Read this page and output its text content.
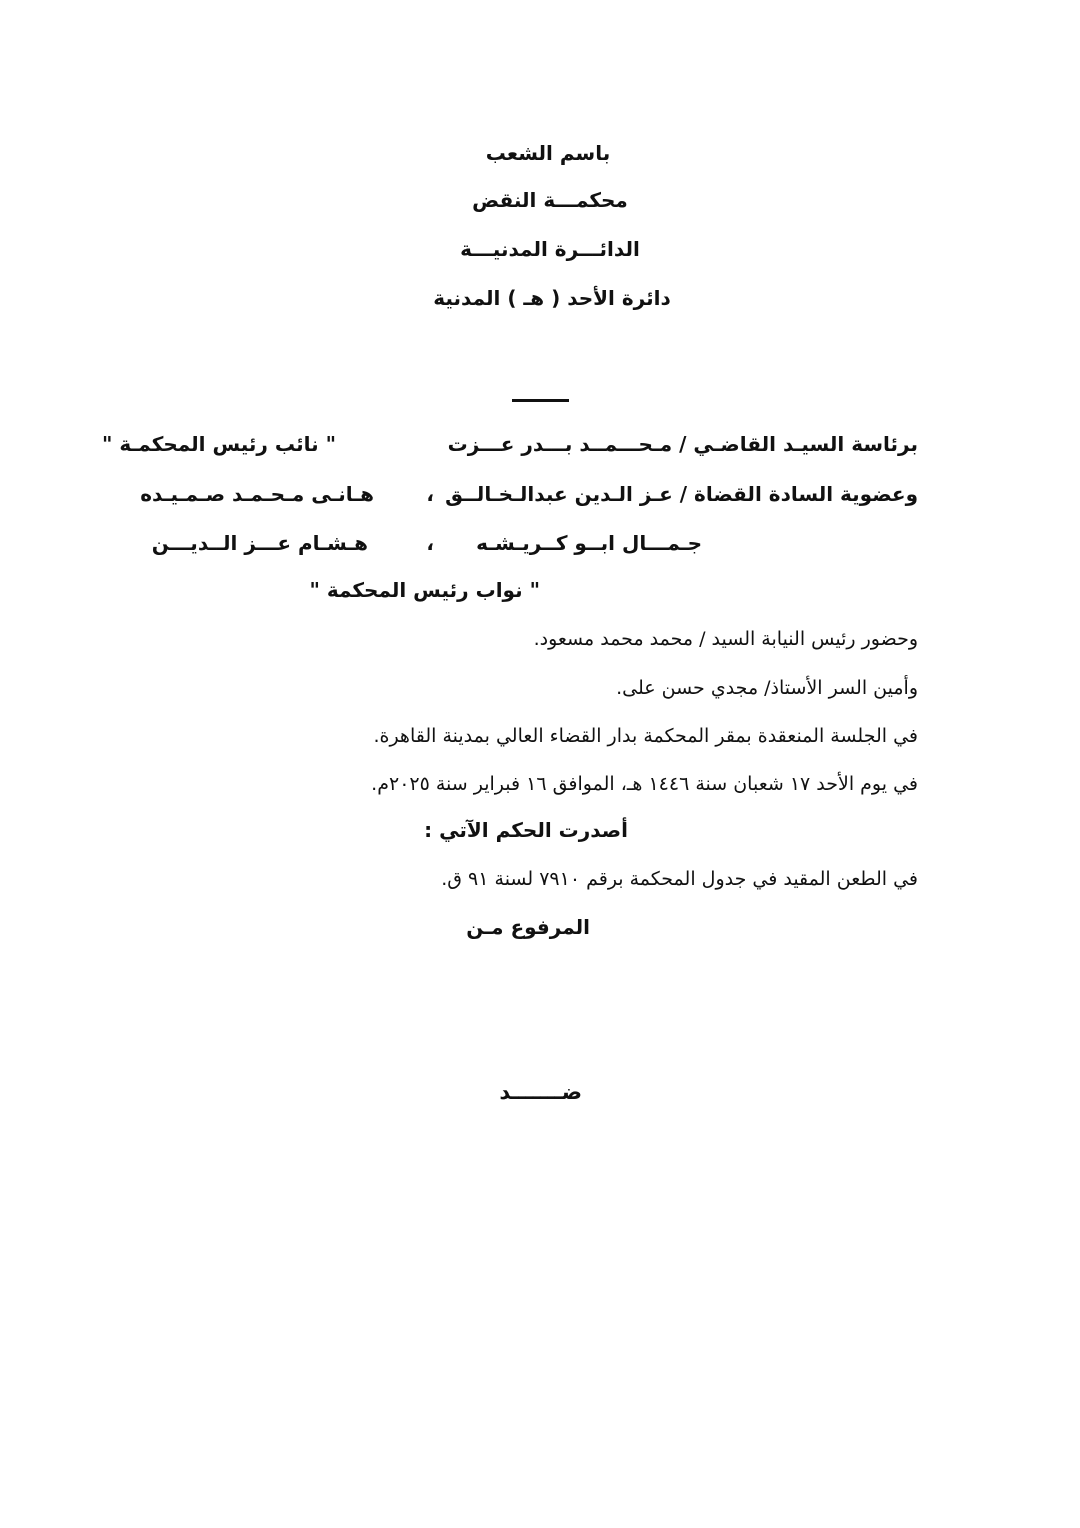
باسم الشعب
محكمـــة النقض
الدائـــرة المدنيـــة
دائرة الأحد ( هـ ) المدنية
برئاسة السيـد القاضـي / مـحـــمــد بـــدر عـــزت
" نائب رئيس المحكمـة "
وعضوية السادة القضاة / عـز الـدين عبدالـخـالــق
،
هـانـى مـحـمـد صـمـيـده
جـمـــال ابــو كــريـشـه
،
هـشـام عـــز الــديـــن
" نواب رئيس المحكمة "
وحضور رئيس النيابة السيد / محمد محمد مسعود.
وأمين السر الأستاذ/ مجدي حسن على.
في الجلسة المنعقدة بمقر المحكمة بدار القضاء العالي بمدينة القاهرة.
في يوم الأحد ١٧ شعبان سنة ١٤٤٦ هـ، الموافق ١٦ فبراير سنة ٢٠٢٥م.
أصدرت الحكم الآتي :
في الطعن المقيد في جدول المحكمة برقم ٧٩١٠ لسنة ٩١ ق.
المرفوع مـن
ضـــــــد
